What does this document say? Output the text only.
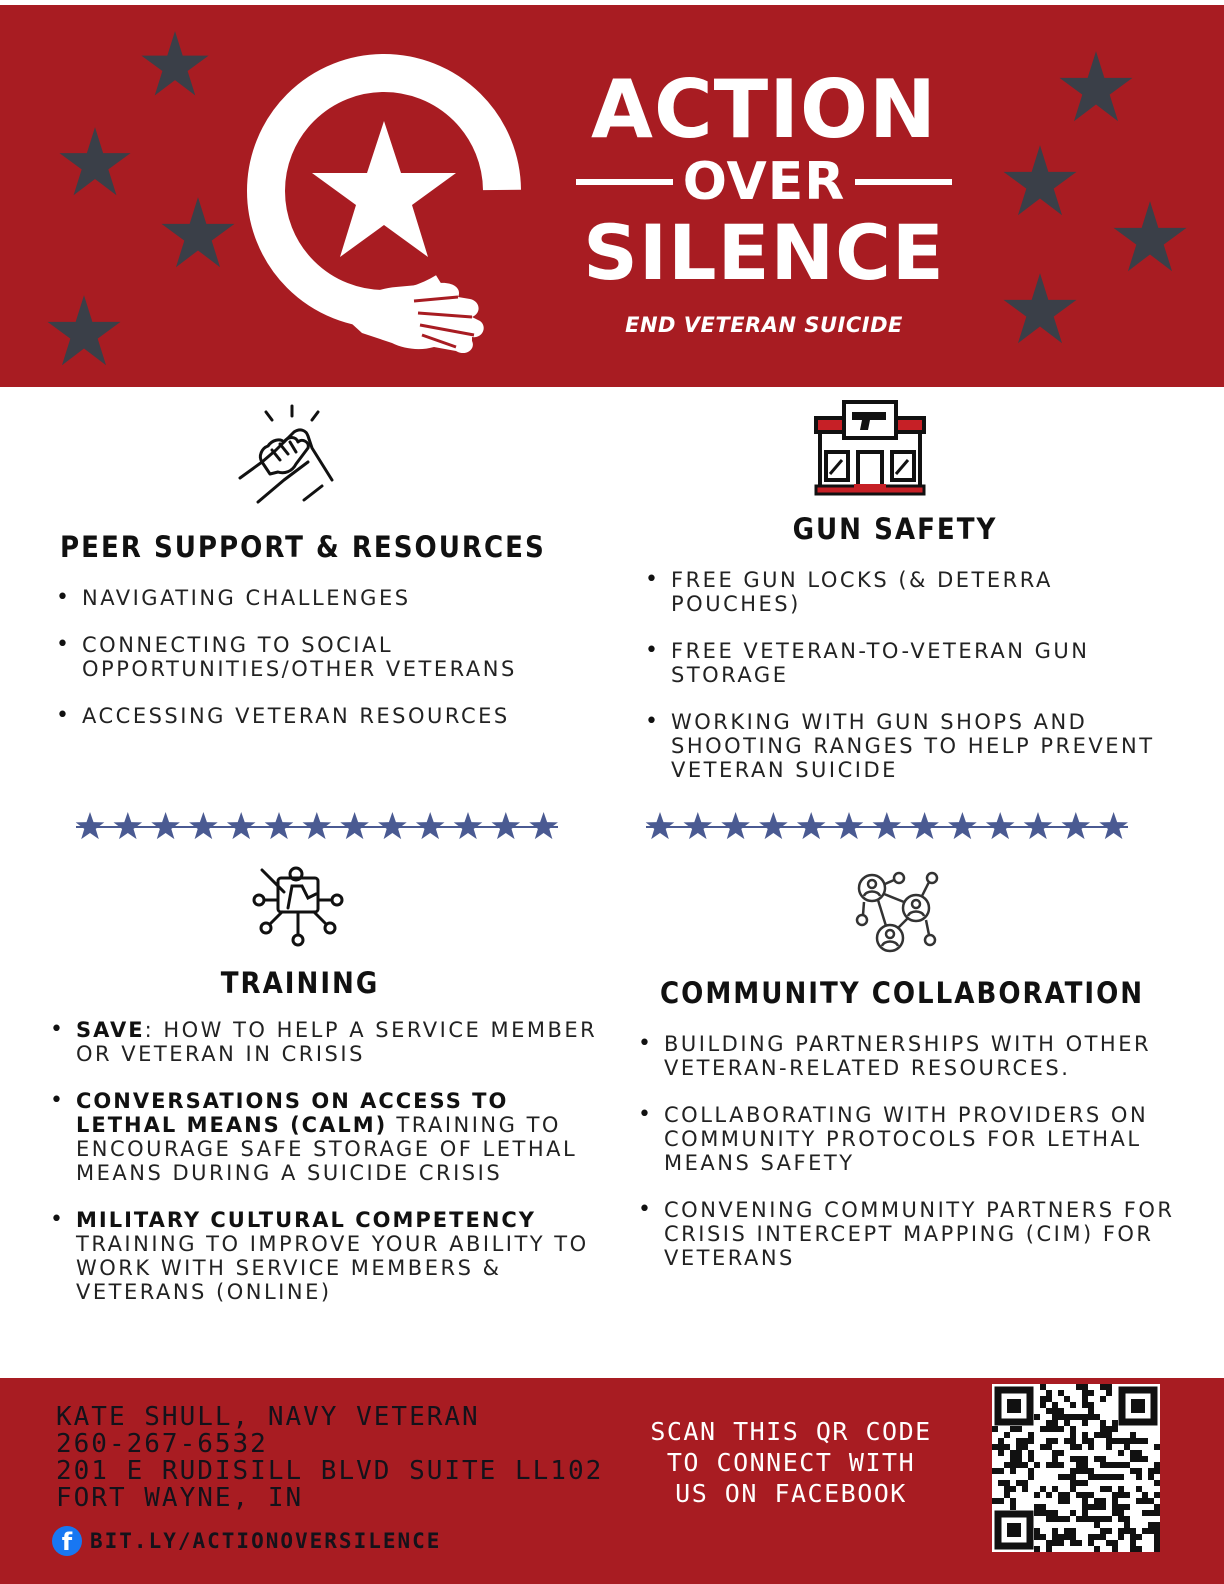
ACTION
OVER
SILENCE
END VETERAN SUICIDE
PEER SUPPORT & RESOURCES
• NAVIGATING CHALLENGES
• CONNECTING TO SOCIAL OPPORTUNITIES/OTHER VETERANS
• ACCESSING VETERAN RESOURCES
GUN SAFETY
• FREE GUN LOCKS (& DETERRA POUCHES)
• FREE VETERAN-TO-VETERAN GUN STORAGE
• WORKING WITH GUN SHOPS AND SHOOTING RANGES TO HELP PREVENT VETERAN SUICIDE
TRAINING
• SAVE: HOW TO HELP A SERVICE MEMBER OR VETERAN IN CRISIS
• CONVERSATIONS ON ACCESS TO LETHAL MEANS (CALM) TRAINING TO ENCOURAGE SAFE STORAGE OF LETHAL MEANS DURING A SUICIDE CRISIS
• MILITARY CULTURAL COMPETENCY TRAINING TO IMPROVE YOUR ABILITY TO WORK WITH SERVICE MEMBERS & VETERANS (ONLINE)
COMMUNITY COLLABORATION
• BUILDING PARTNERSHIPS WITH OTHER VETERAN-RELATED RESOURCES.
• COLLABORATING WITH PROVIDERS ON COMMUNITY PROTOCOLS FOR LETHAL MEANS SAFETY
• CONVENING COMMUNITY PARTNERS FOR CRISIS INTERCEPT MAPPING (CIM) FOR VETERANS
KATE SHULL, NAVY VETERAN
260-267-6532
201 E RUDISILL BLVD SUITE LL102
FORT WAYNE, IN
f BIT.LY/ACTIONOVERSILENCE
SCAN THIS QR CODE
TO CONNECT WITH
US ON FACEBOOK
